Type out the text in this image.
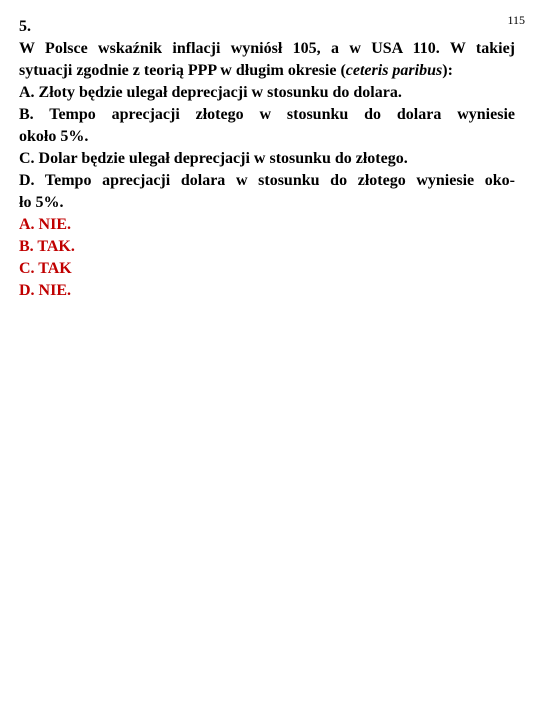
115
5.
W Polsce wskaźnik inflacji wyniósł 105, a w USA 110. W takiej
sytuacji zgodnie z teorią PPP w długim okresie (ceteris paribus):
A. Złoty będzie ulegał deprecjacji w stosunku do dolara.
B. Tempo aprecjacji złotego w stosunku do dolara wyniesie
około 5%.
C. Dolar będzie ulegał deprecjacji w stosunku do złotego.
D. Tempo aprecjacji dolara w stosunku do złotego wyniesie oko-
ło 5%.
A. NIE.
B. TAK.
C. TAK
D. NIE.
